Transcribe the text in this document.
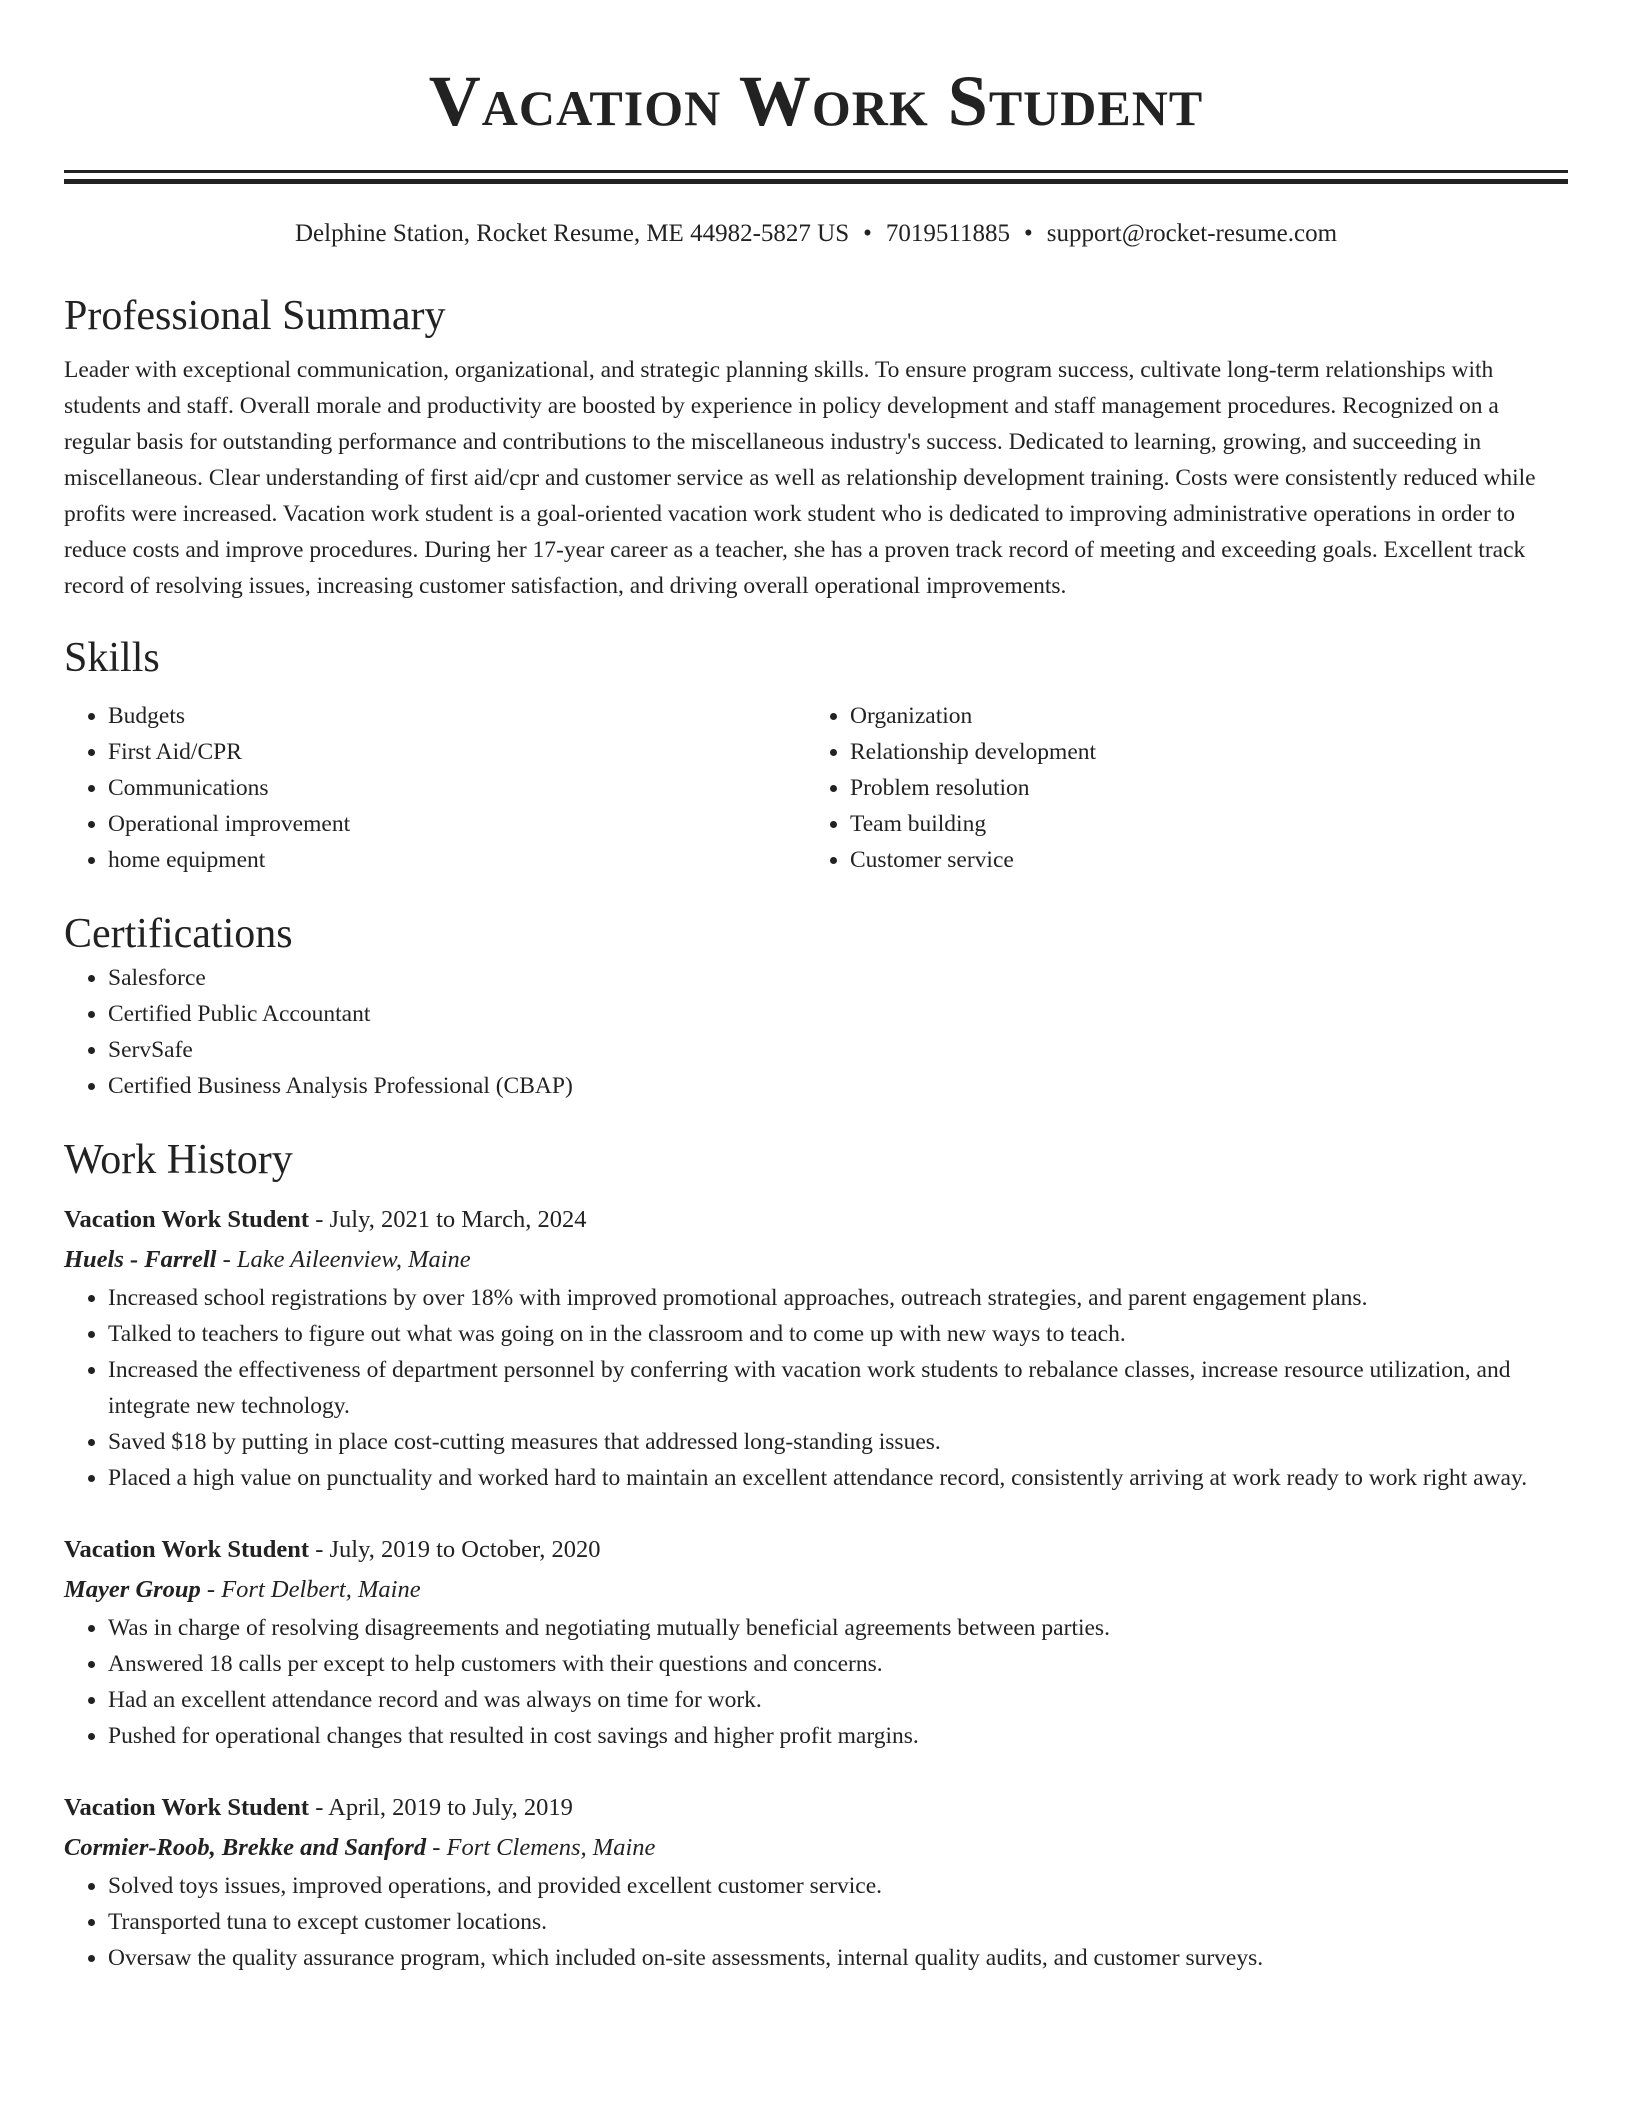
Vacation Work Student
Delphine Station, Rocket Resume, ME 44982-5827 US • 7019511885 • support@rocket-resume.com
Professional Summary
Leader with exceptional communication, organizational, and strategic planning skills. To ensure program success, cultivate long-term relationships with students and staff. Overall morale and productivity are boosted by experience in policy development and staff management procedures. Recognized on a regular basis for outstanding performance and contributions to the miscellaneous industry's success. Dedicated to learning, growing, and succeeding in miscellaneous. Clear understanding of first aid/cpr and customer service as well as relationship development training. Costs were consistently reduced while profits were increased. Vacation work student is a goal-oriented vacation work student who is dedicated to improving administrative operations in order to reduce costs and improve procedures. During her 17-year career as a teacher, she has a proven track record of meeting and exceeding goals. Excellent track record of resolving issues, increasing customer satisfaction, and driving overall operational improvements.
Skills
• Budgets
• First Aid/CPR
• Communications
• Operational improvement
• home equipment
• Organization
• Relationship development
• Problem resolution
• Team building
• Customer service
Certifications
• Salesforce
• Certified Public Accountant
• ServSafe
• Certified Business Analysis Professional (CBAP)
Work History
Vacation Work Student - July, 2021 to March, 2024
Huels - Farrell - Lake Aileenview, Maine
• Increased school registrations by over 18% with improved promotional approaches, outreach strategies, and parent engagement plans.
• Talked to teachers to figure out what was going on in the classroom and to come up with new ways to teach.
• Increased the effectiveness of department personnel by conferring with vacation work students to rebalance classes, increase resource utilization, and integrate new technology.
• Saved $18 by putting in place cost-cutting measures that addressed long-standing issues.
• Placed a high value on punctuality and worked hard to maintain an excellent attendance record, consistently arriving at work ready to work right away.
Vacation Work Student - July, 2019 to October, 2020
Mayer Group - Fort Delbert, Maine
• Was in charge of resolving disagreements and negotiating mutually beneficial agreements between parties.
• Answered 18 calls per except to help customers with their questions and concerns.
• Had an excellent attendance record and was always on time for work.
• Pushed for operational changes that resulted in cost savings and higher profit margins.
Vacation Work Student - April, 2019 to July, 2019
Cormier-Roob, Brekke and Sanford - Fort Clemens, Maine
• Solved toys issues, improved operations, and provided excellent customer service.
• Transported tuna to except customer locations.
• Oversaw the quality assurance program, which included on-site assessments, internal quality audits, and customer surveys.
